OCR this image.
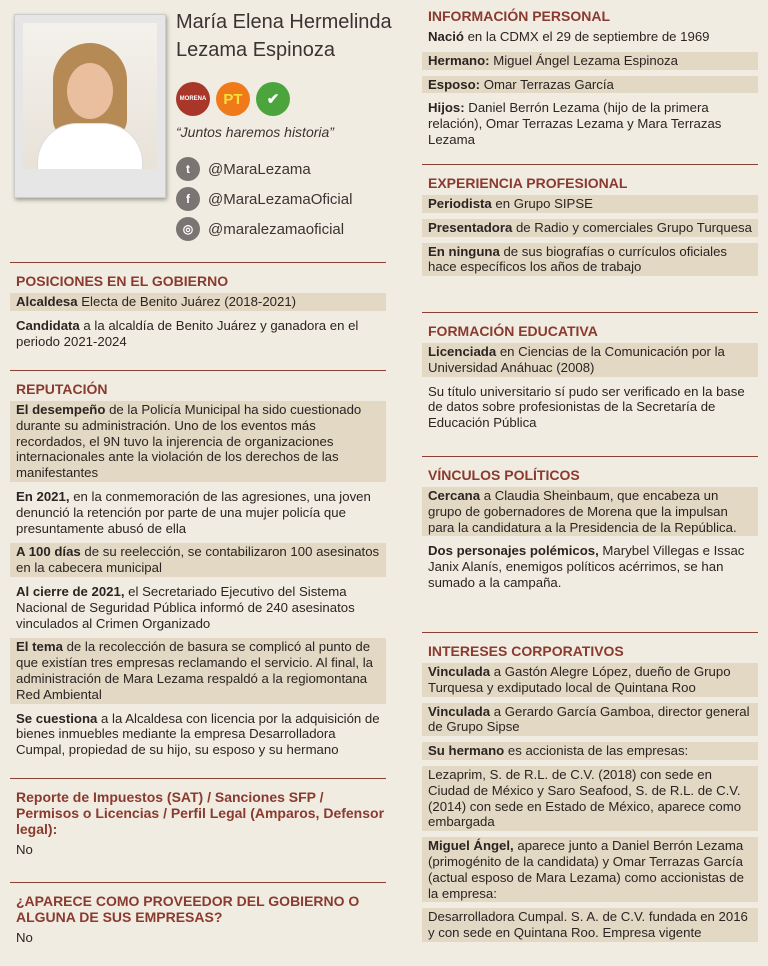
María Elena Hermelinda
Lezama Espinoza
MORENA	PT	✔
“Juntos haremos historia”
t	@MaraLezama
f	@MaraLezamaOficial
◎ @maralezamaoficial
POSICIONES EN EL GOBIERNO
Alcaldesa Electa de Benito Juárez (2018-2021)
Candidata a la alcaldía de Benito Juárez y ganadora en el periodo 2021-2024
REPUTACIÓN
El desempeño de la Policía Municipal ha sido cuestionado durante su administración. Uno de los eventos más recordados, el 9N tuvo la injerencia de organizaciones internacionales ante la violación de los derechos de las manifestantes
En 2021, en la conmemoración de las agresiones, una joven denunció la retención por parte de una mujer policía que presuntamente abusó de ella
A 100 días de su reelección, se contabilizaron 100 asesinatos en la cabecera municipal
Al cierre de 2021, el Secretariado Ejecutivo del Sistema Nacional de Seguridad Pública informó de 240 asesinatos vinculados al Crimen Organizado
El tema de la recolección de basura se complicó al punto de que existían tres empresas reclamando el servicio. Al final, la administración de Mara Lezama respaldó a la regiomontana Red Ambiental
Se cuestiona a la Alcaldesa con licencia por la adquisición de bienes inmuebles mediante la empresa Desarrolladora Cumpal, propiedad de su hijo, su esposo y su hermano
Reporte de Impuestos (SAT) / Sanciones SFP / Permisos o Licencias / Perfil Legal (Amparos, Defensor legal):
No
¿APARECE COMO PROVEEDOR DEL GOBIERNO O ALGUNA DE SUS EMPRESAS?
No
INFORMACIÓN PERSONAL
Nació en la CDMX el 29 de septiembre de 1969
Hermano: Miguel Ángel Lezama Espinoza
Esposo: Omar Terrazas García
Hijos: Daniel Berrón Lezama (hijo de la primera relación), Omar Terrazas Lezama y Mara Terrazas Lezama
EXPERIENCIA PROFESIONAL
Periodista en Grupo SIPSE
Presentadora de Radio y comerciales Grupo Turquesa
En ninguna de sus biografías o currículos oficiales hace específicos los años de trabajo
FORMACIÓN EDUCATIVA
Licenciada en Ciencias de la Comunicación por la Universidad Anáhuac (2008)
Su título universitario sí pudo ser verificado en la base de datos sobre profesionistas de la Secretaría de Educación Pública
VÍNCULOS POLÍTICOS
Cercana a Claudia Sheinbaum, que encabeza un grupo de gobernadores de Morena que la impulsan para la candidatura a la Presidencia de la República.
Dos personajes polémicos, Marybel Villegas e Issac Janix Alanís, enemigos políticos acérrimos, se han sumado a la campaña.
INTERESES CORPORATIVOS
Vinculada a Gastón Alegre López, dueño de Grupo Turquesa y exdiputado local de Quintana Roo
Vinculada a Gerardo García Gamboa, director general de Grupo Sipse
Su hermano es accionista de las empresas:
Lezaprim, S. de R.L. de C.V. (2018) con sede en Ciudad de México y Saro Seafood, S. de R.L. de C.V. (2014) con sede en Estado de México, aparece como embargada
Miguel Ángel, aparece junto a Daniel Berrón Lezama (primogénito de la candidata) y Omar Terrazas García (actual esposo de Mara Lezama) como accionistas de la empresa:
Desarrolladora Cumpal. S. A. de C.V. fundada en 2016 y con sede en Quintana Roo. Empresa vigente
